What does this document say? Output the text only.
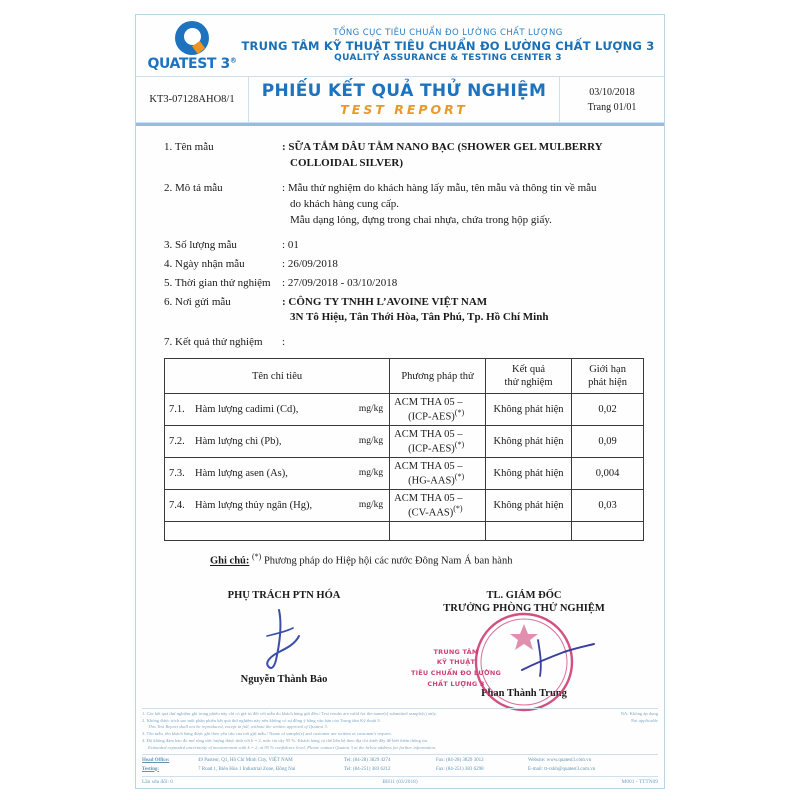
QUATEST 3®
TỔNG CỤC TIÊU CHUẨN ĐO LƯỜNG CHẤT LƯỢNG
TRUNG TÂM KỸ THUẬT TIÊU CHUẨN ĐO LƯỜNG CHẤT LƯỢNG 3
QUALITY ASSURANCE & TESTING CENTER 3
KT3-07128AHO8/1	PHIẾU KẾT QUẢ THỬ NGHIỆM
TEST REPORT
03/10/2018
Trang 01/01
1. Tên mẫu	: SỮA TẮM DÂU TẰM NANO BẠC (SHOWER GEL MULBERRY
COLLOIDAL SILVER)
2. Mô tả mẫu	: Mẫu thử nghiệm do khách hàng lấy mẫu, tên mẫu và thông tin về mẫu
do khách hàng cung cấp.
Mẫu dạng lỏng, đựng trong chai nhựa, chứa trong hộp giấy.
3. Số lượng mẫu	: 01
4. Ngày nhận mẫu	: 26/09/2018
5. Thời gian thử nghiệm	: 27/09/2018 - 03/10/2018
6. Nơi gửi mẫu	: CÔNG TY TNHH L’AVOINE VIỆT NAM
3N Tô Hiệu, Tân Thới Hòa, Tân Phú, Tp. Hồ Chí Minh
7. Kết quả thử nghiệm	:
Tên chỉ tiêu	Phương pháp thử	Kết quả
thử nghiệm	Giới hạn
phát hiện
7.1. Hàm lượng cadimi (Cd), mg/kg	ACM THA 05 –
(ICP-AES)(*)	Không phát hiện	0,02
7.2. Hàm lượng chì (Pb), mg/kg	ACM THA 05 –
(ICP-AES)(*)	Không phát hiện	0,09
7.3. Hàm lượng asen (As), mg/kg	ACM THA 05 –
(HG-AAS)(*)	Không phát hiện	0,004
7.4. Hàm lượng thủy ngân (Hg), mg/kg	ACM THA 05 –
(CV-AAS)(*)	Không phát hiện	0,03

Ghi chú: (*) Phương pháp do Hiệp hội các nước Đông Nam Á ban hành
PHỤ TRÁCH PTN HÓA
Nguyễn Thành Bảo
TL. GIÁM ĐỐC
TRƯỞNG PHÒNG THỬ NGHIỆM
TRUNG TÂM
KỸ THUẬT
TIÊU CHUẨN ĐO LƯỜNG
CHẤT LƯỢNG 3
Phan Thành Trung
1. Các kết quả thử nghiệm ghi trong phiếu này chỉ có giá trị đối với mẫu do khách hàng gửi đến./ Test results are valid for the name(s) submitted sample(s) only.
2. Không được trích sao một phần phiếu kết quả thử nghiệm này nếu không có sự đồng ý bằng văn bản của Trung tâm Kỹ thuật 3.
This Test Report shall not be reproduced, except in full, without the written approval of Quatest 3.
3. Tên mẫu, tên khách hàng được ghi theo yêu cầu của nơi gửi mẫu./ Name of sample(s) and customer are written as customer's request.
4. Độ không đảm bảo đo mở rộng ước lượng được tính với k = 2, mức tin cậy 95 %. Khách hàng có thể liên hệ theo địa chỉ dưới đây để biết thêm thông tin.
Estimated expanded uncertainty of measurement with k = 2, at 95 % confidence level. Please contact Quatest 3 at the below address for further information.
NA: Không áp dụng
Not applicable
Head Office:	49 Pasteur, Q1, Hồ Chí Minh City, VIỆT NAM	Tel: (84-28) 3829 4274	Fax: (84-28) 3829 3012	Website: www.quatest3.com.vn
Testing:	7 Road 1, Biên Hòa 1 Industrial Zone, Đồng Nai	Tel: (84-251) 383 6212	Fax: (84-251) 383 6298	E-mail: tt-cskh@quatest3.com.vn
Lần sửa đổi: 0	BH11 (03/2018)	M001 - TTTN09
